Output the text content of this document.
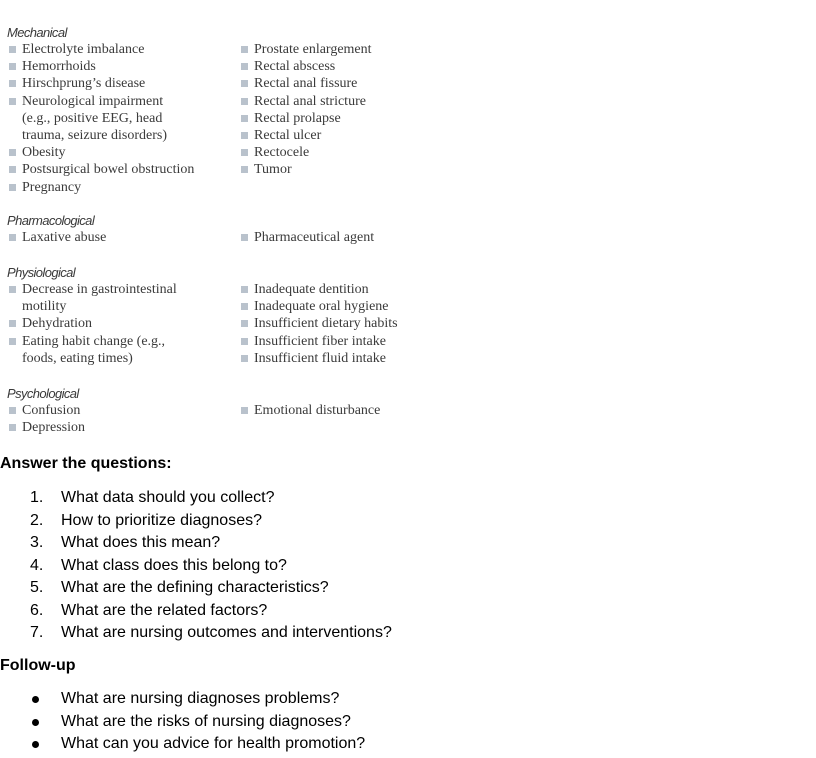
Mechanical
Electrolyte imbalance
Hemorrhoids
Hirschprung’s disease
Neurological impairment
(e.g., positive EEG, head
trauma, seizure disorders)
Obesity
Postsurgical bowel obstruction
Pregnancy
Prostate enlargement
Rectal abscess
Rectal anal fissure
Rectal anal stricture
Rectal prolapse
Rectal ulcer
Rectocele
Tumor
Pharmacological
Laxative abuse	Pharmaceutical agent
Physiological
Decrease in gastrointestinal
motility
Dehydration
Eating habit change (e.g.,
foods, eating times)
Inadequate dentition
Inadequate oral hygiene
Insufficient dietary habits
Insufficient fiber intake
Insufficient fluid intake
Psychological
Confusion
Depression
Emotional disturbance
Answer the questions:
1. What data should you collect?
2. How to prioritize diagnoses?
3. What does this mean?
4. What class does this belong to?
5. What are the defining characteristics?
6. What are the related factors?
7. What are nursing outcomes and interventions?
Follow-up
What are nursing diagnoses problems?
What are the risks of nursing diagnoses?
What can you advice for health promotion?
